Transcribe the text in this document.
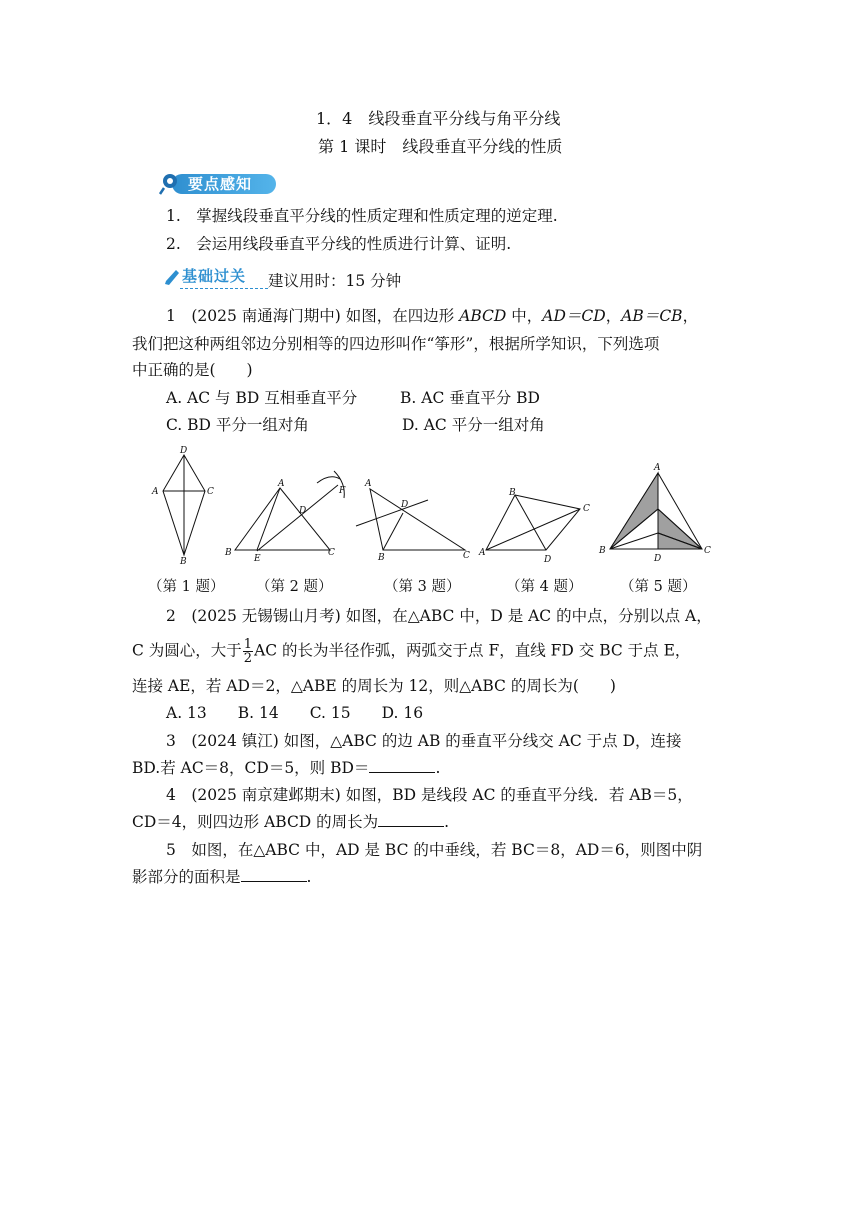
1．4　线段垂直平分线与角平分线
第 1 课时　线段垂直平分线的性质
要点感知
1.　掌握线段垂直平分线的性质定理和性质定理的逆定理.
2.　会运用线段垂直平分线的性质进行计算、证明.
基础过关 建议用时：15 分钟
1　(2025 南通海门期中) 如图，在四边形 ABCD 中，AD＝CD，AB＝CB，
我们把这种两组邻边分别相等的四边形叫作“筝形”，根据所学知识，下列选项
中正确的是(　　)
A. AC 与 BD 互相垂直平分	B. AC 垂直平分 BD
C. BD 平分一组对角	D. AC 平分一组对角
D
A	C
B
A
F
D
B
E
C
A
D
B	C
B
C
A
D
A
B
D
C
（第 1 题） （第 2 题）	（第 3 题）	（第 4 题）	（第 5 题）
2　(2025 无锡锡山月考) 如图，在△ABC 中，D 是 AC 的中点，分别以点 A，
C 为圆心，大于 $\frac{1}{2}$ AC 的长为半径作弧，两弧交于点 F，直线 FD 交 BC 于点 E，
连接 AE，若 AD＝2，△ABE 的周长为 12，则△ABC 的周长为(　　)
A. 13　　B. 14　　C. 15　　D. 16
3　(2024 镇江) 如图，△ABC 的边 AB 的垂直平分线交 AC 于点 D，连接
BD.若 AC＝8，CD＝5，则 BD＝	.
4　(2025 南京建邺期末) 如图，BD 是线段 AC 的垂直平分线．若 AB＝5，
CD＝4，则四边形 ABCD 的周长为	.
5　如图，在△ABC 中，AD 是 BC 的中垂线，若 BC＝8，AD＝6，则图中阴
影部分的面积是	.
